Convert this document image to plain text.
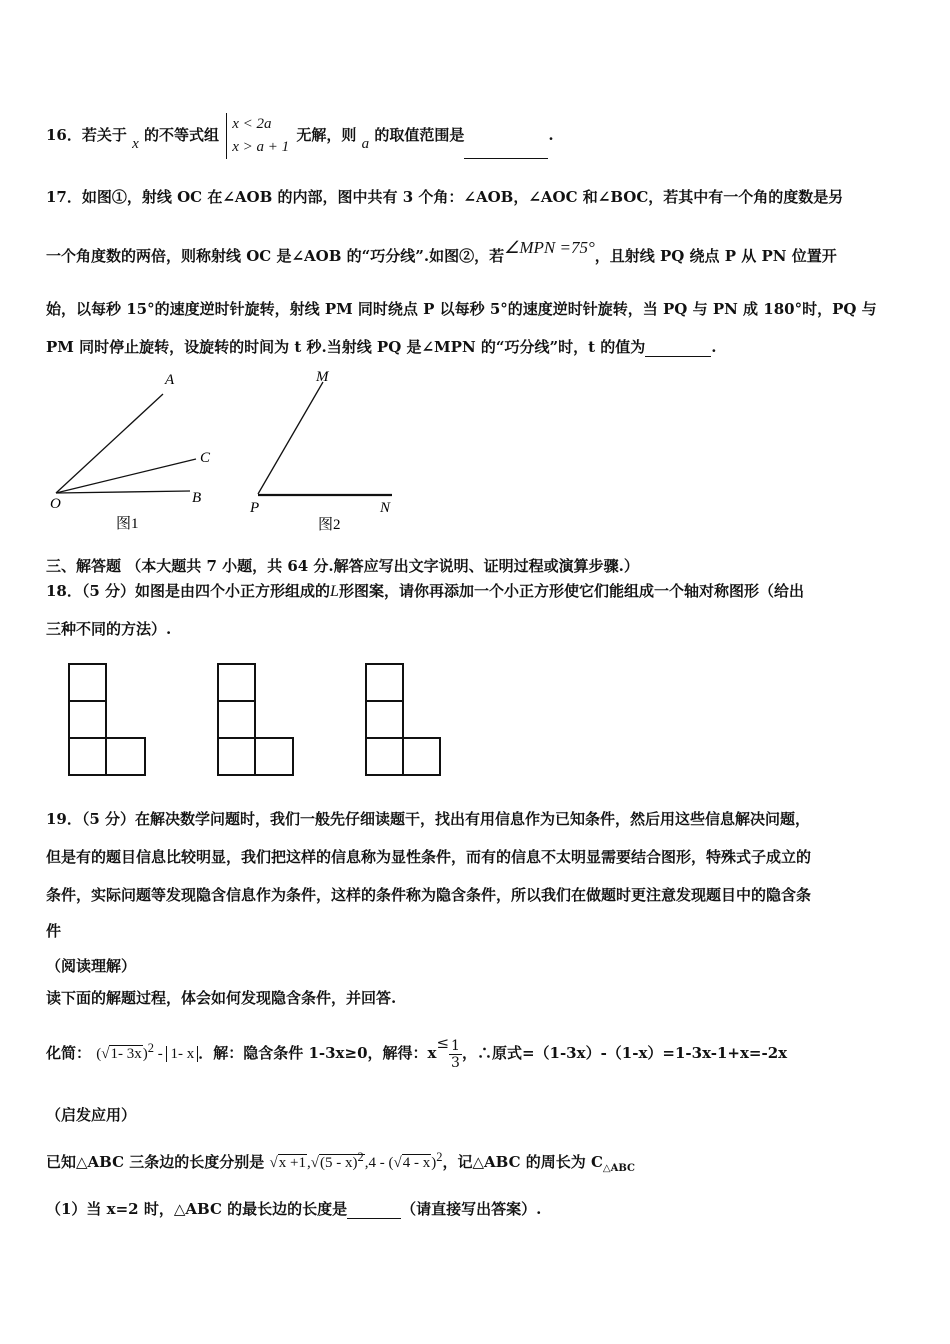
16．若关于 x 的不等式组 x < 2a
x > a + 1 无解，则 a 的取值范围是	.
17．如图①，射线 OC 在∠AOB 的内部，图中共有 3 个角：∠AOB，∠AOC 和∠BOC，若其中有一个角的度数是另
一个角度数的两倍，则称射线 OC 是∠AOB 的“巧分线”.如图②，若∠MPN =75°，且射线 PQ 绕点 P 从 PN 位置开
始，以每秒 15°的速度逆时针旋转，射线 PM 同时绕点 P 以每秒 5°的速度逆时针旋转，当 PQ 与 PN 成 180°时，PQ 与
PM 同时停止旋转，设旋转的时间为 t 秒.当射线 PQ 是∠MPN 的“巧分线”时，t 的值为	.
A
C
B
O
图1
M
P	N
图2
三、解答题 （本大题共 7 小题，共 64 分.解答应写出文字说明、证明过程或演算步骤.）
18．（5 分）如图是由四个小正方形组成的L形图案，请你再添加一个小正方形使它们能组成一个轴对称图形（给出
三种不同的方法）.
19．（5 分）在解决数学问题时，我们一般先仔细读题干，找出有用信息作为已知条件，然后用这些信息解决问题，
但是有的题目信息比较明显，我们把这样的信息称为显性条件，而有的信息不太明显需要结合图形，特殊式子成立的
条件，实际问题等发现隐含信息作为条件，这样的条件称为隐含条件，所以我们在做题时更注意发现题目中的隐含条
件
（阅读理解）
读下面的解题过程，体会如何发现隐含条件，并回答.
化简： (√1- 3x)$^2$ - 1- x ．解：隐含条件 1-3x≥0，解得：$x\le \frac{1}{3}$ ，∴原式=（1-3x）-（1-x）=1-3x-1+x=-2x
（启发应用）
已知△ABC 三条边的长度分别是 √x +1,√(5 - x)$^2$,4 - (√4 - x)$^2$，记△ABC 的周长为 $C_{\triangle ABC}$
（1）当 x=2 时，△ABC 的最长边的长度是	（请直接写出答案）.
